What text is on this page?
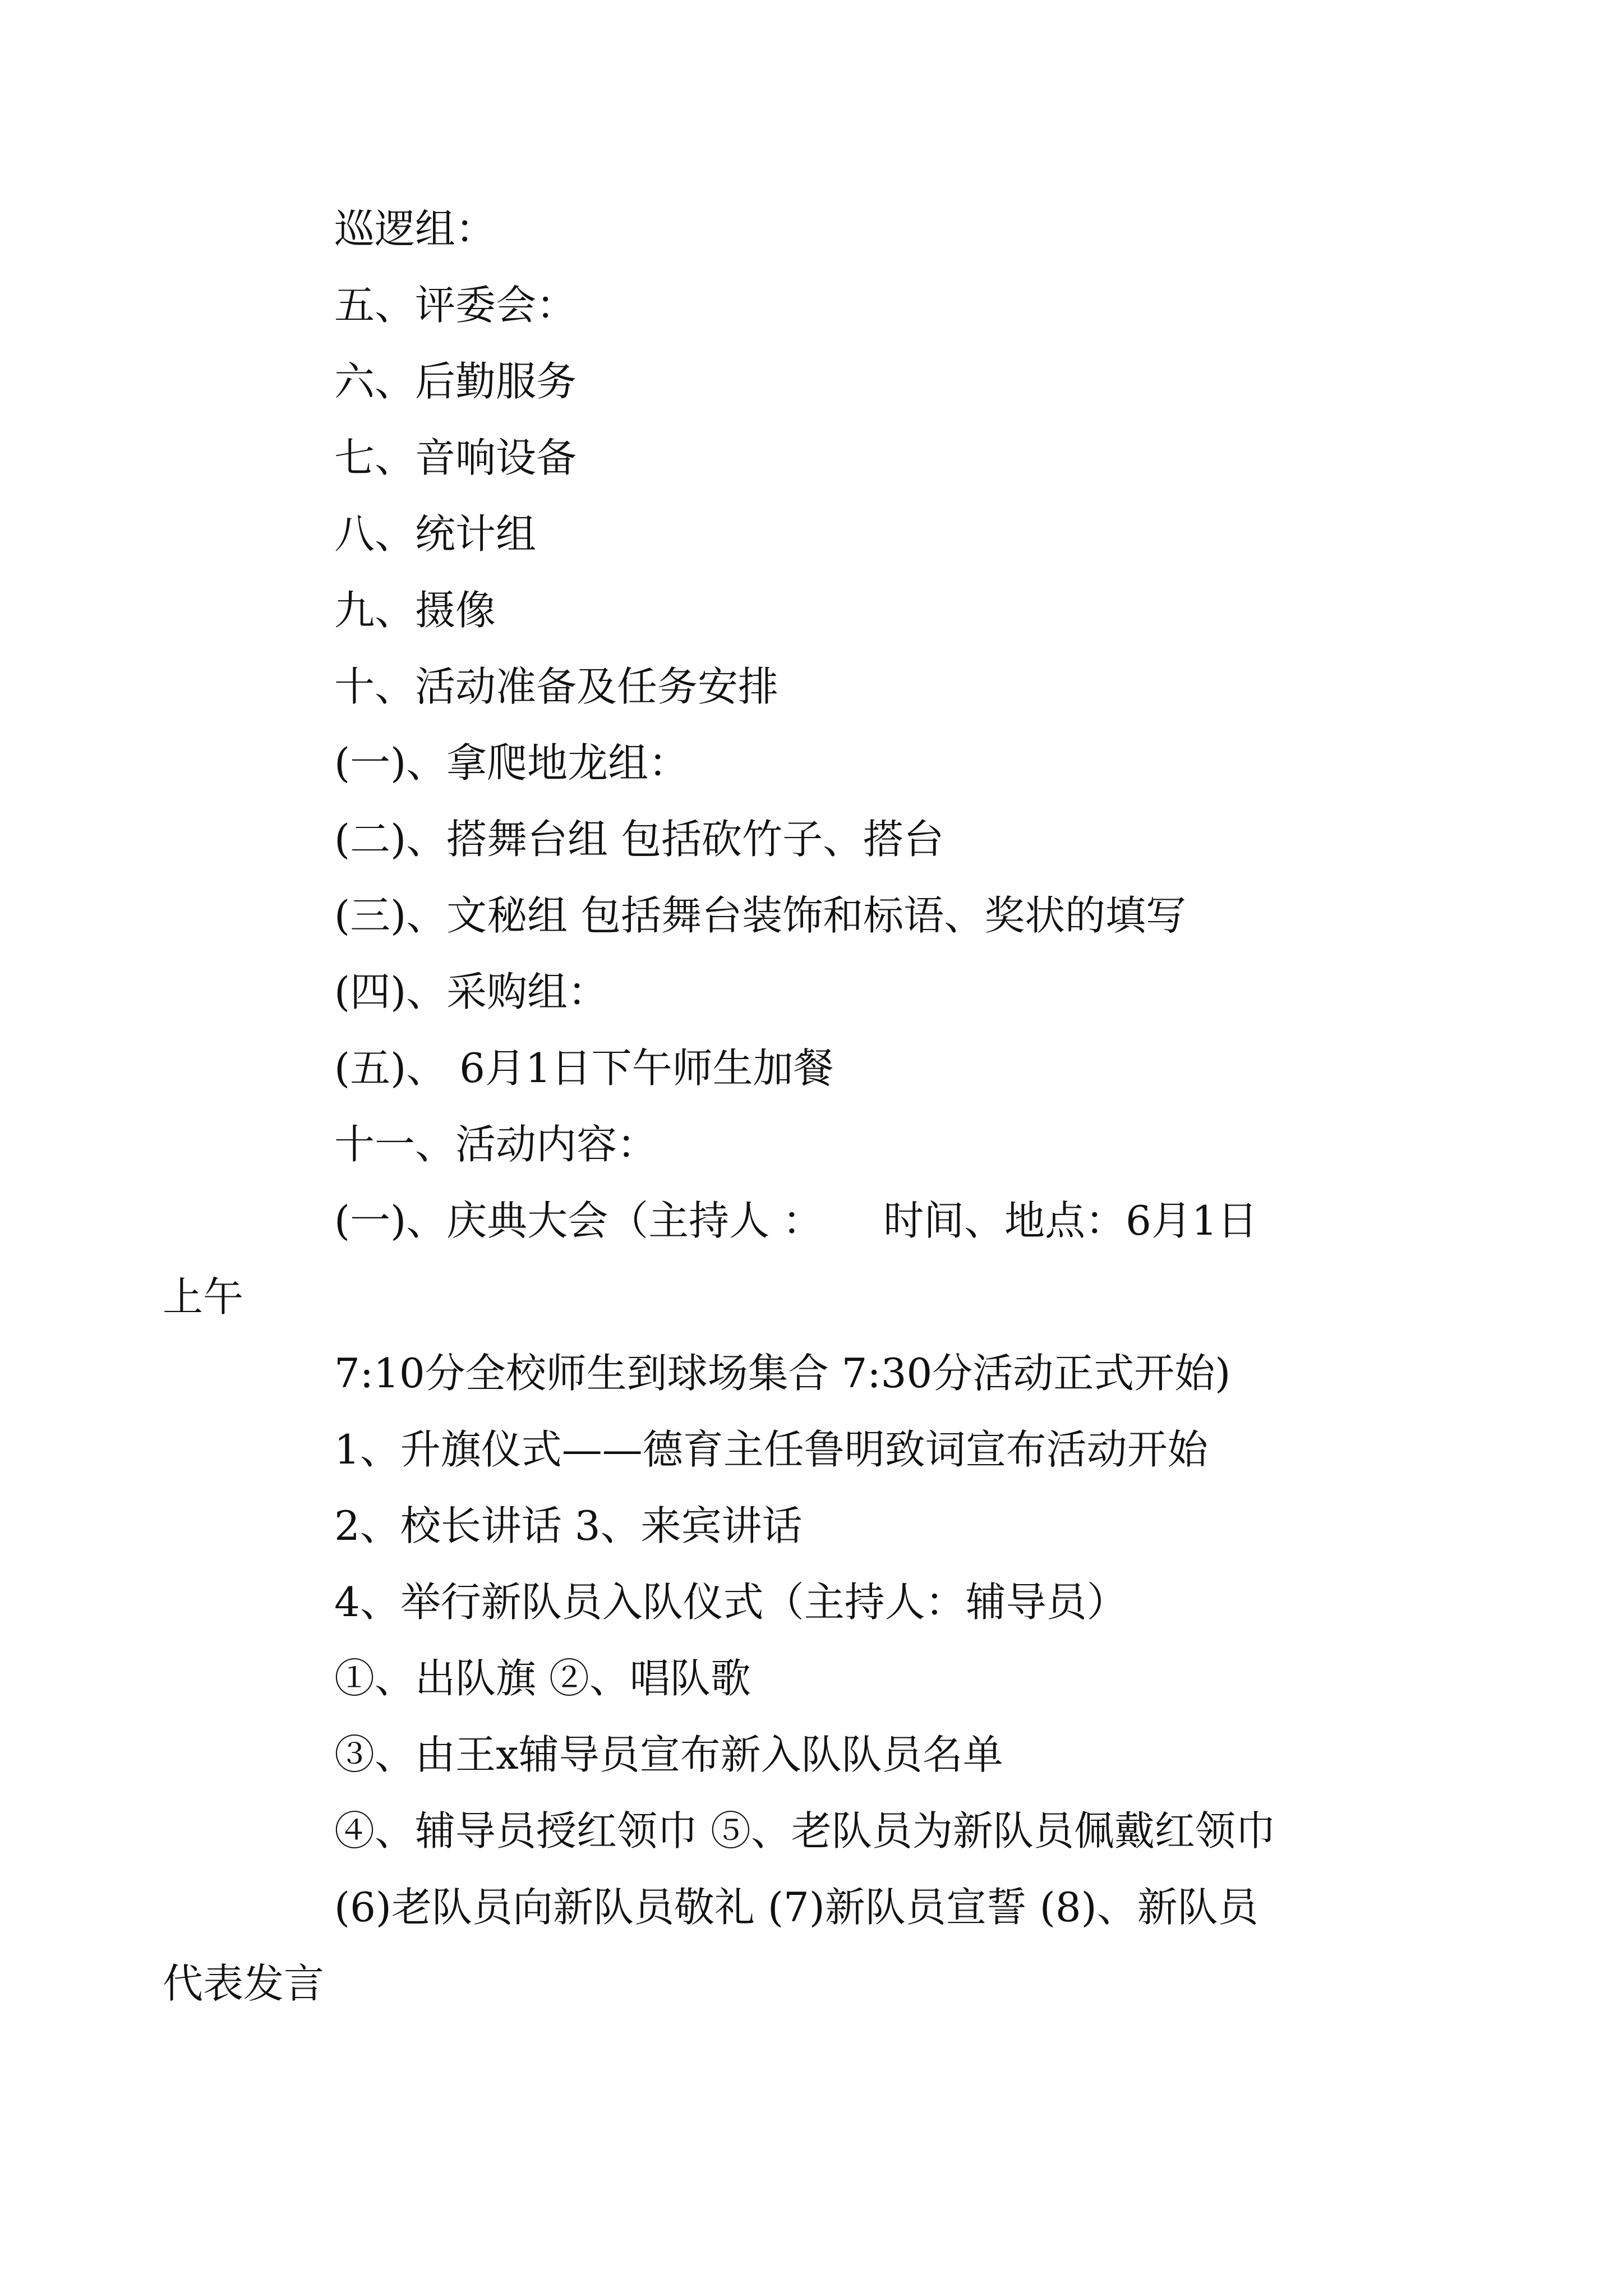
巡逻组：

五、评委会：

六、后勤服务

七、音响设备

八、统计组

九、摄像

十、活动准备及任务安排

(一)、拿爬地龙组：

(二)、搭舞台组 包括砍竹子、搭台

(三)、文秘组 包括舞台装饰和标语、奖状的填写

(四)、采购组：

(五)、 6月1日下午师生加餐

十一、活动内容：

(一)、庆典大会（主持人 ：　　时间、地点：6月1日

上午

7:10分全校师生到球场集合 7:30分活动正式开始)

1、升旗仪式——德育主任鲁明致词宣布活动开始

2、校长讲话 3、来宾讲话

4、举行新队员入队仪式（主持人：辅导员）

①、出队旗 ②、唱队歌

③、由王x辅导员宣布新入队队员名单

④、辅导员授红领巾 ⑤、老队员为新队员佩戴红领巾

(6)老队员向新队员敬礼 (7)新队员宣誓 (8)、新队员

代表发言
